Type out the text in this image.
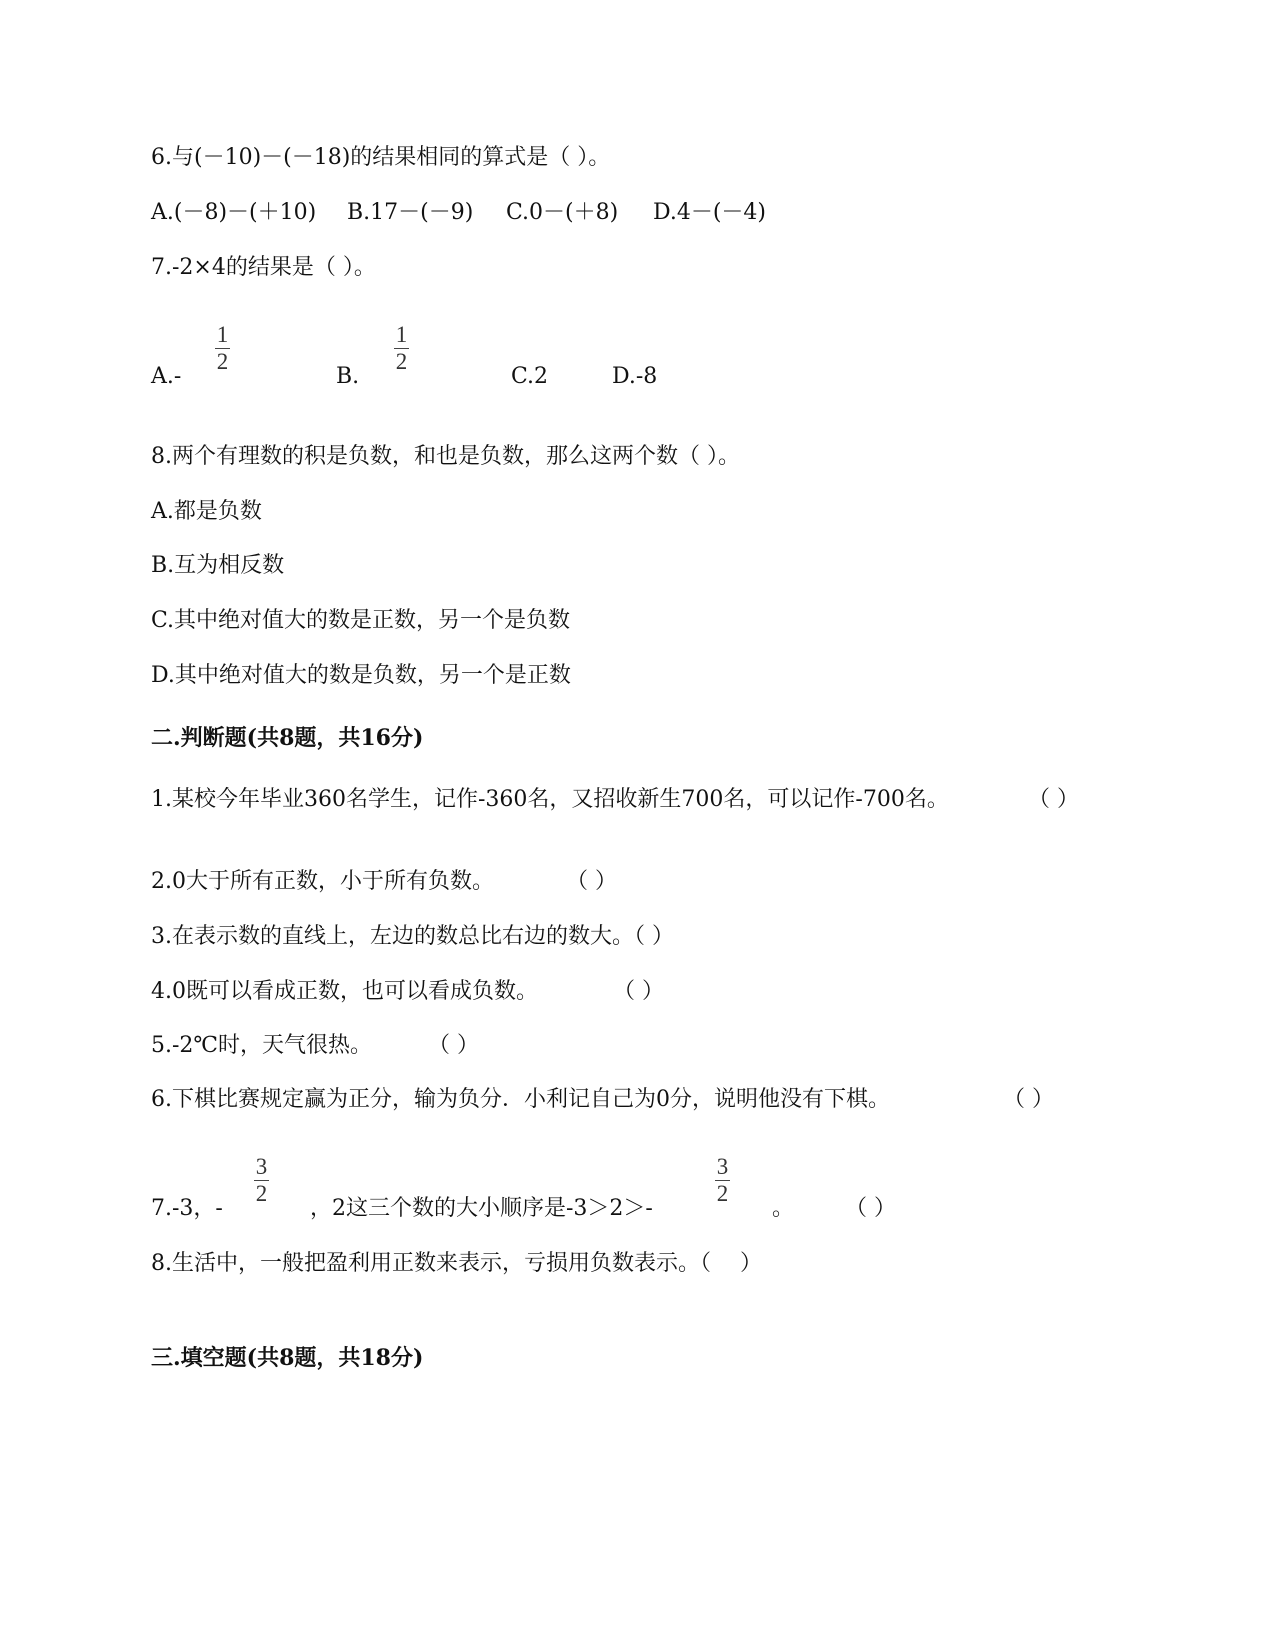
6.与(－10)－(－18)的结果相同的算式是（ ）。
A.(－8)－(＋10) B.17－(－9) C.0－(＋8) D.4－(－4)
7.-2×4的结果是（ ）。
A.-
1
2
B.
1
2
C.2	D.-8
8.两个有理数的积是负数，和也是负数，那么这两个数（ ）。
A.都是负数
B.互为相反数
C.其中绝对值大的数是正数，另一个是负数
D.其中绝对值大的数是负数，另一个是正数
二.判断题(共8题，共16分)
1.某校今年毕业360名学生，记作-360名，又招收新生700名，可以记作-700名。	（ ）
2.0大于所有正数，小于所有负数。	（ ）
3.在表示数的直线上，左边的数总比右边的数大。（ ）
4.0既可以看成正数，也可以看成负数。	（ ）
5.-2℃时，天气很热。	（ ）
6.下棋比赛规定赢为正分，输为负分．小利记自己为0分，说明他没有下棋。	（ ）
7.-3，-
3
2
，2这三个数的大小顺序是-3＞2＞-
3
2
。 （ ）
8.生活中，一般把盈利用正数来表示，亏损用负数表示。（　 ）
三.填空题(共8题，共18分)
